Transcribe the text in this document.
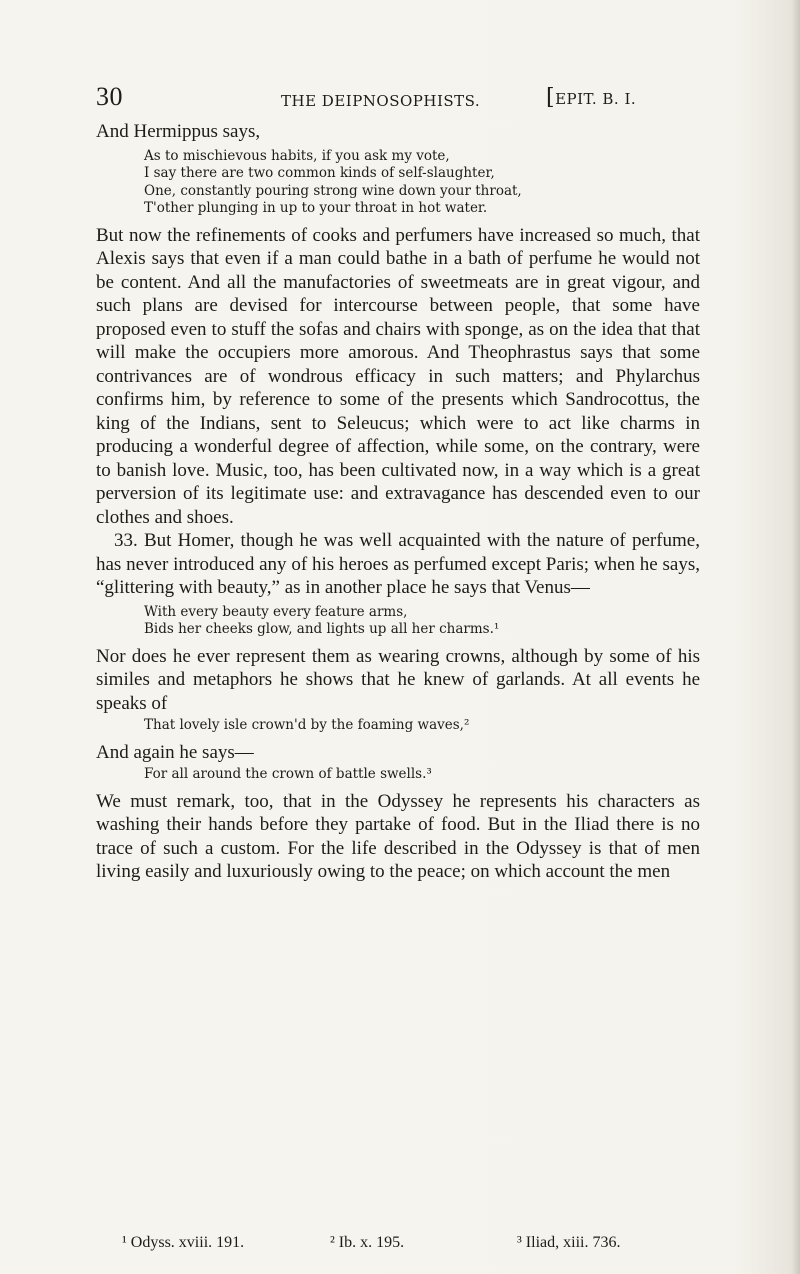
30	THE DEIPNOSOPHISTS.	[EPIT. B. I.

And Hermippus says,

As to mischievous habits, if you ask my vote,
I say there are two common kinds of self-slaughter,
One, constantly pouring strong wine down your throat,
T'other plunging in up to your throat in hot water.

But now the refinements of cooks and perfumers have increased so much, that Alexis says that even if a man could bathe in a bath of perfume he would not be content. And all the manufactories of sweetmeats are in great vigour, and such plans are devised for intercourse between people, that some have proposed even to stuff the sofas and chairs with sponge, as on the idea that that will make the occupiers more amorous. And Theophrastus says that some contrivances are of wondrous efficacy in such matters; and Phylarchus confirms him, by reference to some of the presents which Sandrocottus, the king of the Indians, sent to Seleucus; which were to act like charms in producing a wonderful degree of affection, while some, on the contrary, were to banish love. Music, too, has been cultivated now, in a way which is a great perversion of its legitimate use: and extravagance has descended even to our clothes and shoes.

33. But Homer, though he was well acquainted with the nature of perfume, has never introduced any of his heroes as perfumed except Paris; when he says, “glittering with beauty,” as in another place he says that Venus—

With every beauty every feature arms,
Bids her cheeks glow, and lights up all her charms.¹

Nor does he ever represent them as wearing crowns, although by some of his similes and metaphors he shows that he knew of garlands. At all events he speaks of

That lovely isle crown'd by the foaming waves,²

And again he says—

For all around the crown of battle swells.³

We must remark, too, that in the Odyssey he represents his characters as washing their hands before they partake of food. But in the Iliad there is no trace of such a custom. For the life described in the Odyssey is that of men living easily and luxuriously owing to the peace; on which account the men

¹ Odyss. xviii. 191.	² Ib. x. 195.	³ Iliad, xiii. 736.
